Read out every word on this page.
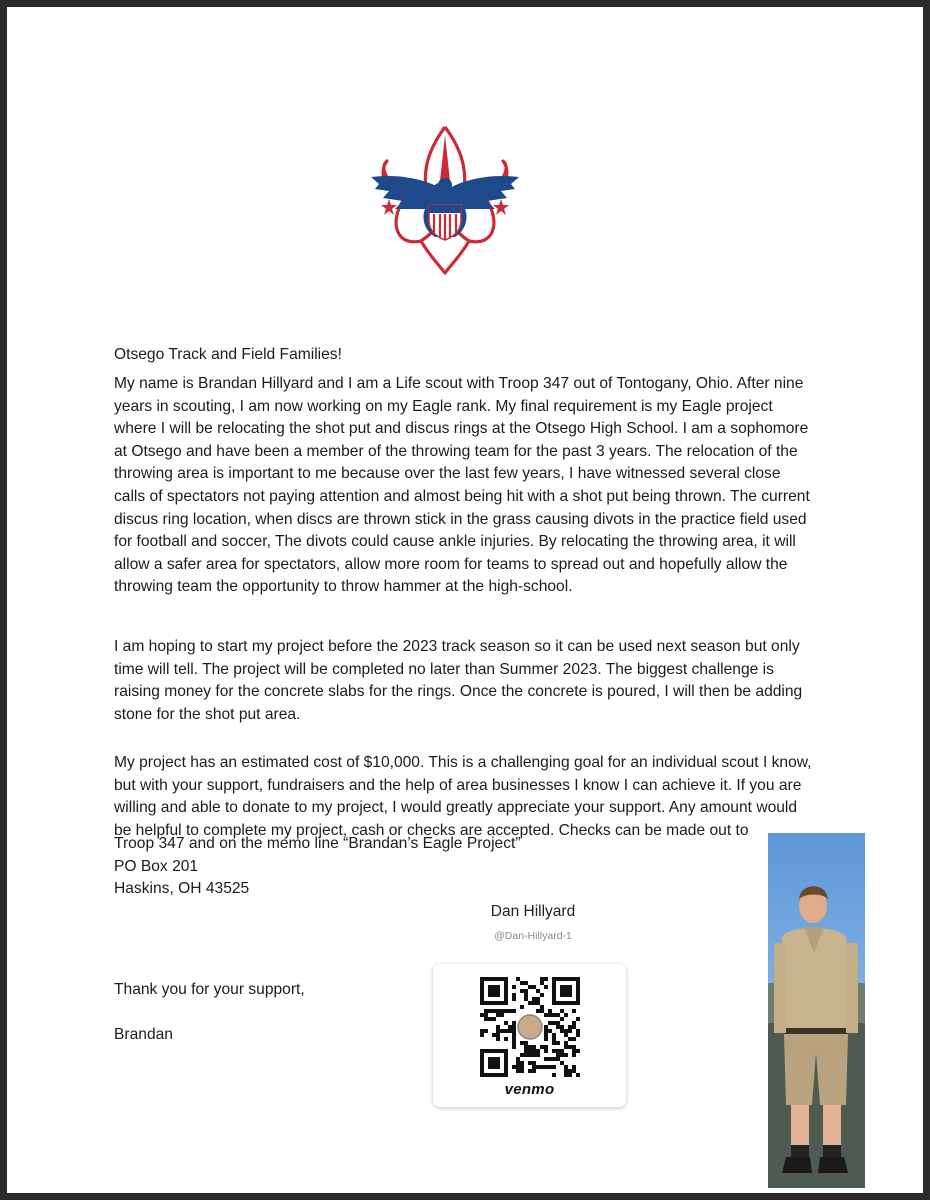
Otsego Track and Field Families!

My name is Brandan Hillyard and I am a Life scout with Troop 347 out of Tontogany, Ohio. After nine years in scouting, I am now working on my Eagle rank. My final requirement is my Eagle project where I will be relocating the shot put and discus rings at the Otsego High School. I am a sophomore at Otsego and have been a member of the throwing team for the past 3 years. The relocation of the throwing area is important to me because over the last few years, I have witnessed several close calls of spectators not paying attention and almost being hit with a shot put being thrown. The current discus ring location, when discs are thrown stick in the grass causing divots in the practice field used for football and soccer, The divots could cause ankle injuries. By relocating the throwing area, it will allow a safer area for spectators, allow more room for teams to spread out and hopefully allow the throwing team the opportunity to throw hammer at the high-school.

I am hoping to start my project before the 2023 track season so it can be used next season but only time will tell. The project will be completed no later than Summer 2023. The biggest challenge is raising money for the concrete slabs for the rings. Once the concrete is poured, I will then be adding stone for the shot put area.

My project has an estimated cost of $10,000. This is a challenging goal for an individual scout I know, but with your support, fundraisers and the help of area businesses I know I can achieve it. If you are willing and able to donate to my project, I would greatly appreciate your support. Any amount would be helpful to complete my project, cash or checks are accepted. Checks can be made out to

Troop 347 and on the memo line “Brandan’s Eagle Project”

PO Box 201

Haskins, OH 43525

Thank you for your support,

Brandan

Dan Hillyard
@Dan-Hillyard-1
venmo
